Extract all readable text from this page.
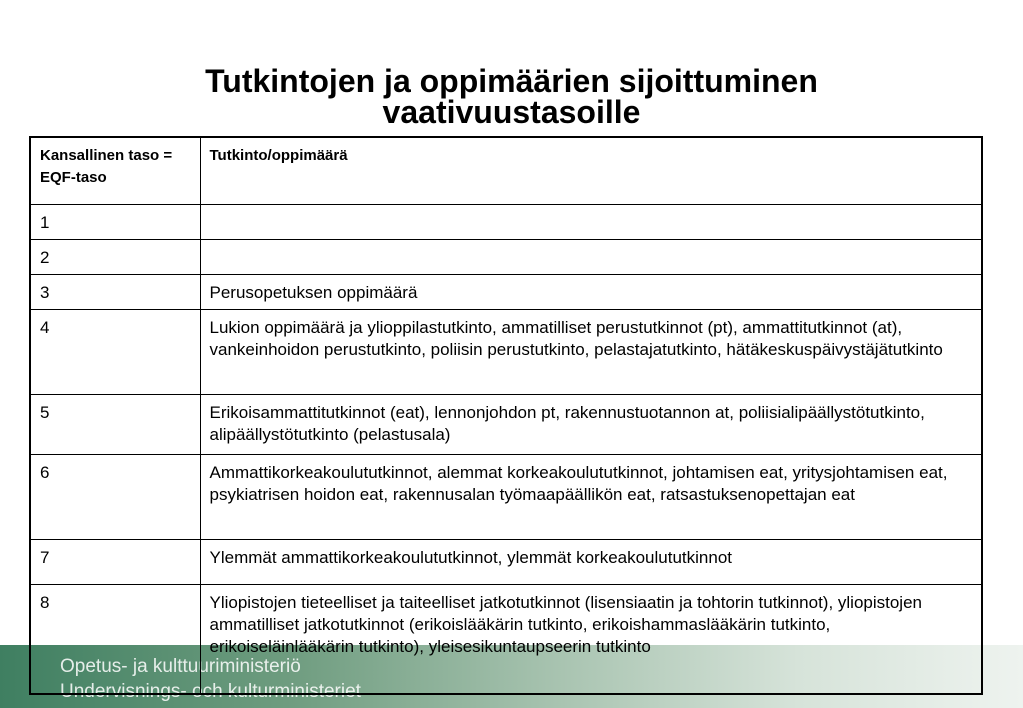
Tutkintojen ja oppimäärien sijoittuminen
vaativuustasoille
Opetus- ja kulttuuriministeriö
Undervisnings- och kulturministeriet
Kansallinen taso = EQF-taso	Tutkinto/oppimäärä
1	
2	
3	Perusopetuksen oppimäärä
4	Lukion oppimäärä ja ylioppilastutkinto, ammatilliset perustutkinnot (pt), ammattitutkinnot (at), vankeinhoidon perustutkinto, poliisin perustutkinto, pelastajatutkinto, hätäkeskuspäivystäjätutkinto
5	Erikoisammattitutkinnot (eat), lennonjohdon pt, rakennustuotannon at, poliisialipäällystötutkinto, alipäällystötutkinto (pelastusala)
6	Ammattikorkeakoulututkinnot, alemmat korkeakoulututkinnot, johtamisen eat, yritysjohtamisen eat, psykiatrisen hoidon eat, rakennusalan työmaapäällikön eat, ratsastuksenopettajan eat
7	Ylemmät ammattikorkeakoulututkinnot, ylemmät korkeakoulututkinnot
8	Yliopistojen tieteelliset ja taiteelliset jatkotutkinnot (lisensiaatin ja tohtorin tutkinnot), yliopistojen ammatilliset jatkotutkinnot (erikoislääkärin tutkinto, erikoishammaslääkärin tutkinto, erikoiseläinlääkärin tutkinto), yleisesikuntaupseerin tutkinto
